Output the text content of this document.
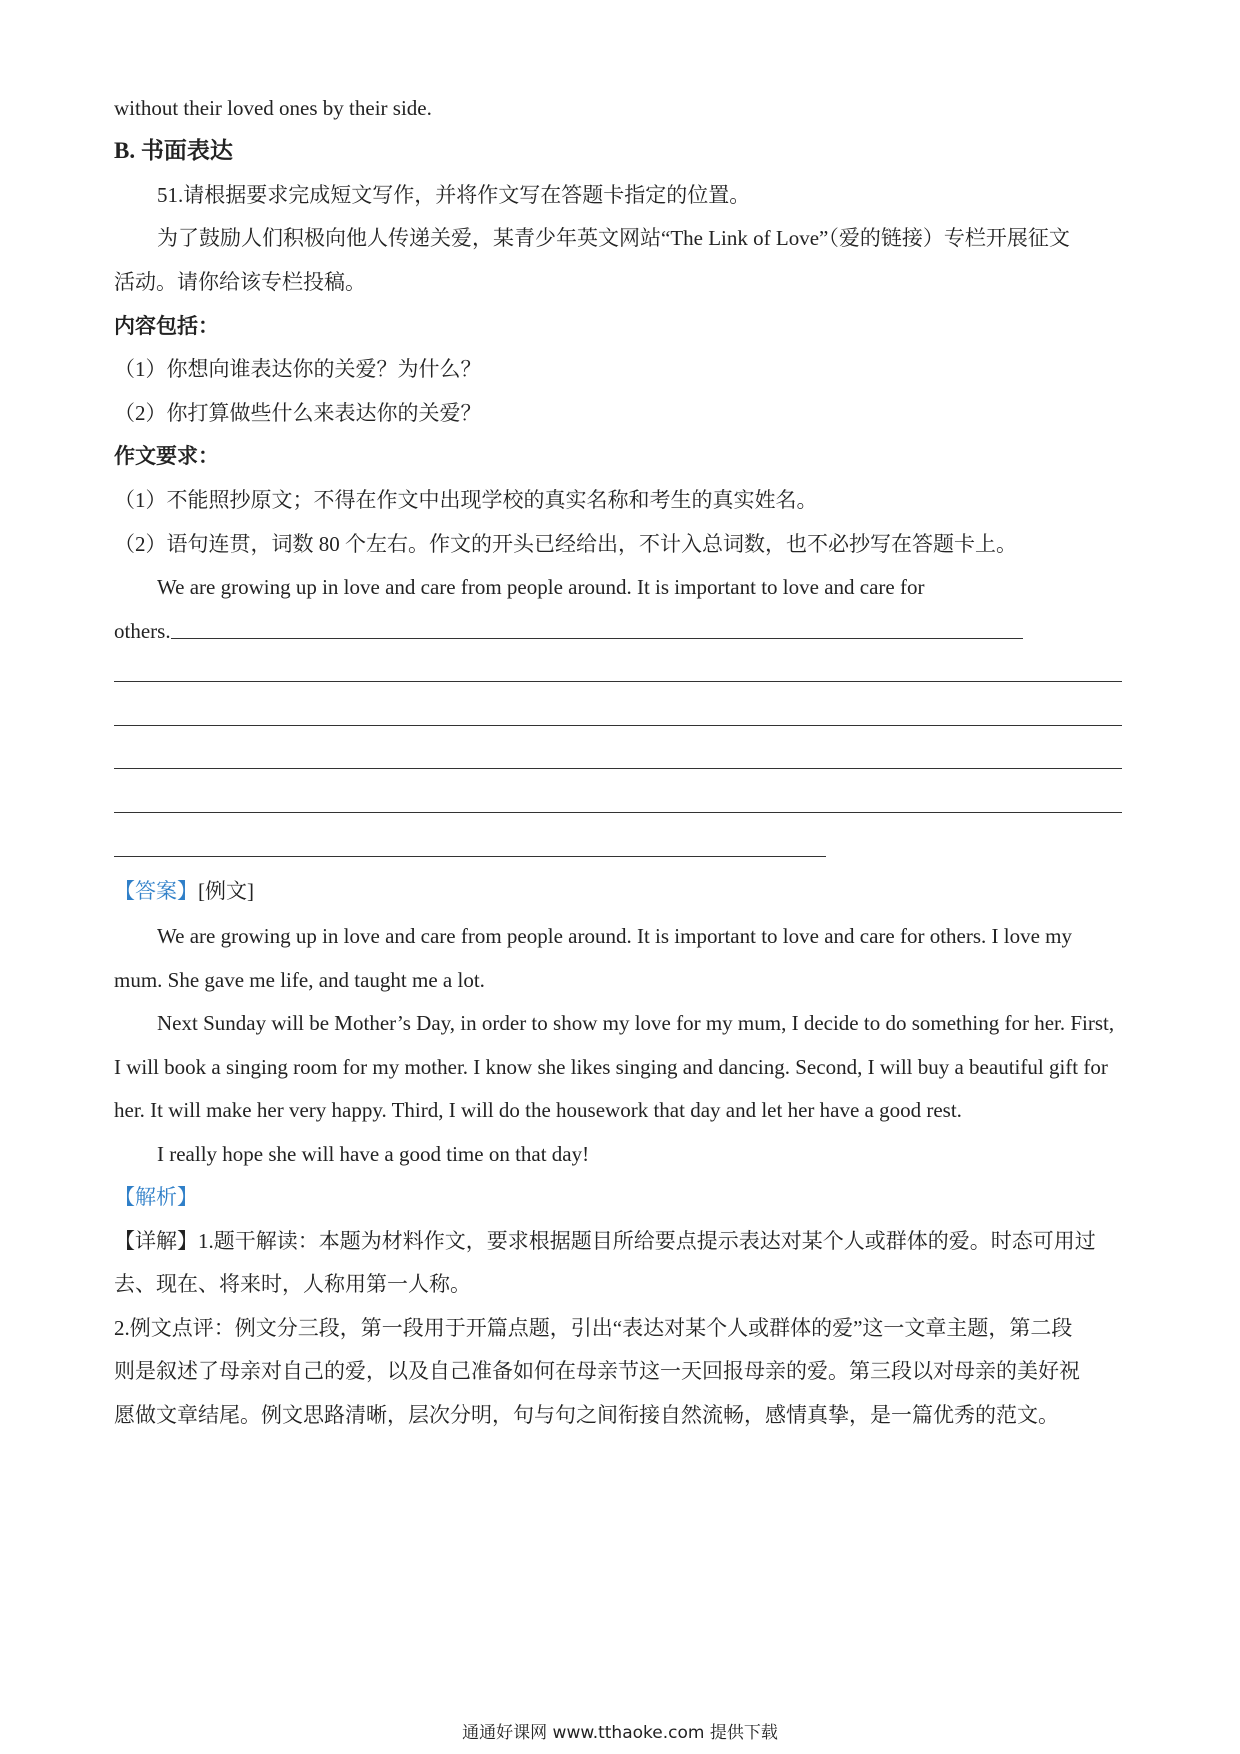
without their loved ones by their side.
B. 书面表达
51.请根据要求完成短文写作，并将作文写在答题卡指定的位置。
为了鼓励人们积极向他人传递关爱，某青少年英文网站“The Link of Love”（爱的链接）专栏开展征文
活动。请你给该专栏投稿。
内容包括：
（1）你想向谁表达你的关爱？为什么？
（2）你打算做些什么来表达你的关爱？
作文要求：
（1）不能照抄原文；不得在作文中出现学校的真实名称和考生的真实姓名。
（2）语句连贯，词数 80 个左右。作文的开头已经给出，不计入总词数，也不必抄写在答题卡上。
We are growing up in love and care from people around. It is important to love and care for
others.
【答案】[例文]
We are growing up in love and care from people around. It is important to love and care for others. I love my
mum. She gave me life, and taught me a lot.
Next Sunday will be Mother’s Day, in order to show my love for my mum, I decide to do something for her. First,
I will book a singing room for my mother. I know she likes singing and dancing. Second, I will buy a beautiful gift for
her. It will make her very happy. Third, I will do the housework that day and let her have a good rest.
I really hope she will have a good time on that day!
【解析】
【详解】1.题干解读：本题为材料作文，要求根据题目所给要点提示表达对某个人或群体的爱。时态可用过
去、现在、将来时，人称用第一人称。
2.例文点评：例文分三段，第一段用于开篇点题，引出“表达对某个人或群体的爱”这一文章主题，第二段
则是叙述了母亲对自己的爱，以及自己准备如何在母亲节这一天回报母亲的爱。第三段以对母亲的美好祝
愿做文章结尾。例文思路清晰，层次分明，句与句之间衔接自然流畅，感情真挚，是一篇优秀的范文。
通通好课网 www.tthaoke.com 提供下载
